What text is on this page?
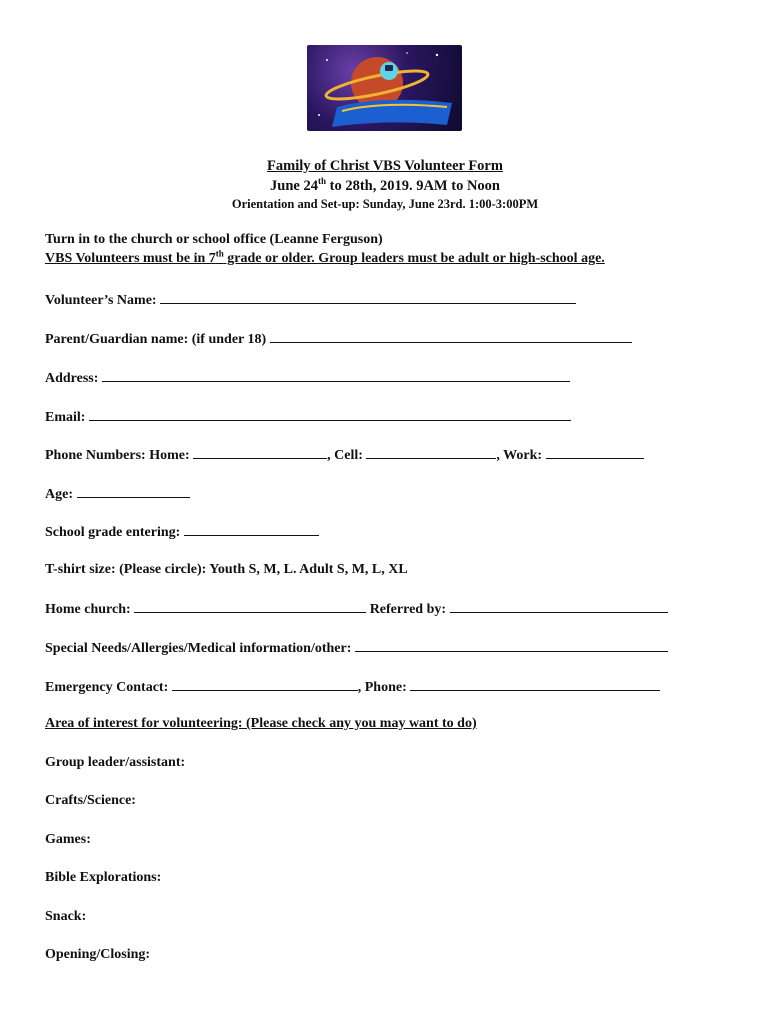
Family of Christ VBS Volunteer Form
June 24th to 28th, 2019. 9AM to Noon
Orientation and Set-up: Sunday, June 23rd. 1:00-3:00PM
Turn in to the church or school office (Leanne Ferguson)
VBS Volunteers must be in 7th grade or older. Group leaders must be adult or high-school age.
Volunteer’s Name:
Parent/Guardian name: (if under 18)
Address:
Email:
Phone Numbers: Home:	, Cell:	, Work:
Age:
School grade entering:
T-shirt size: (Please circle): Youth S, M, L. Adult S, M, L, XL
Home church:	Referred by:
Special Needs/Allergies/Medical information/other:
Emergency Contact:	, Phone:
Area of interest for volunteering: (Please check any you may want to do)
Group leader/assistant:
Crafts/Science:
Games:
Bible Explorations:
Snack:
Opening/Closing:
